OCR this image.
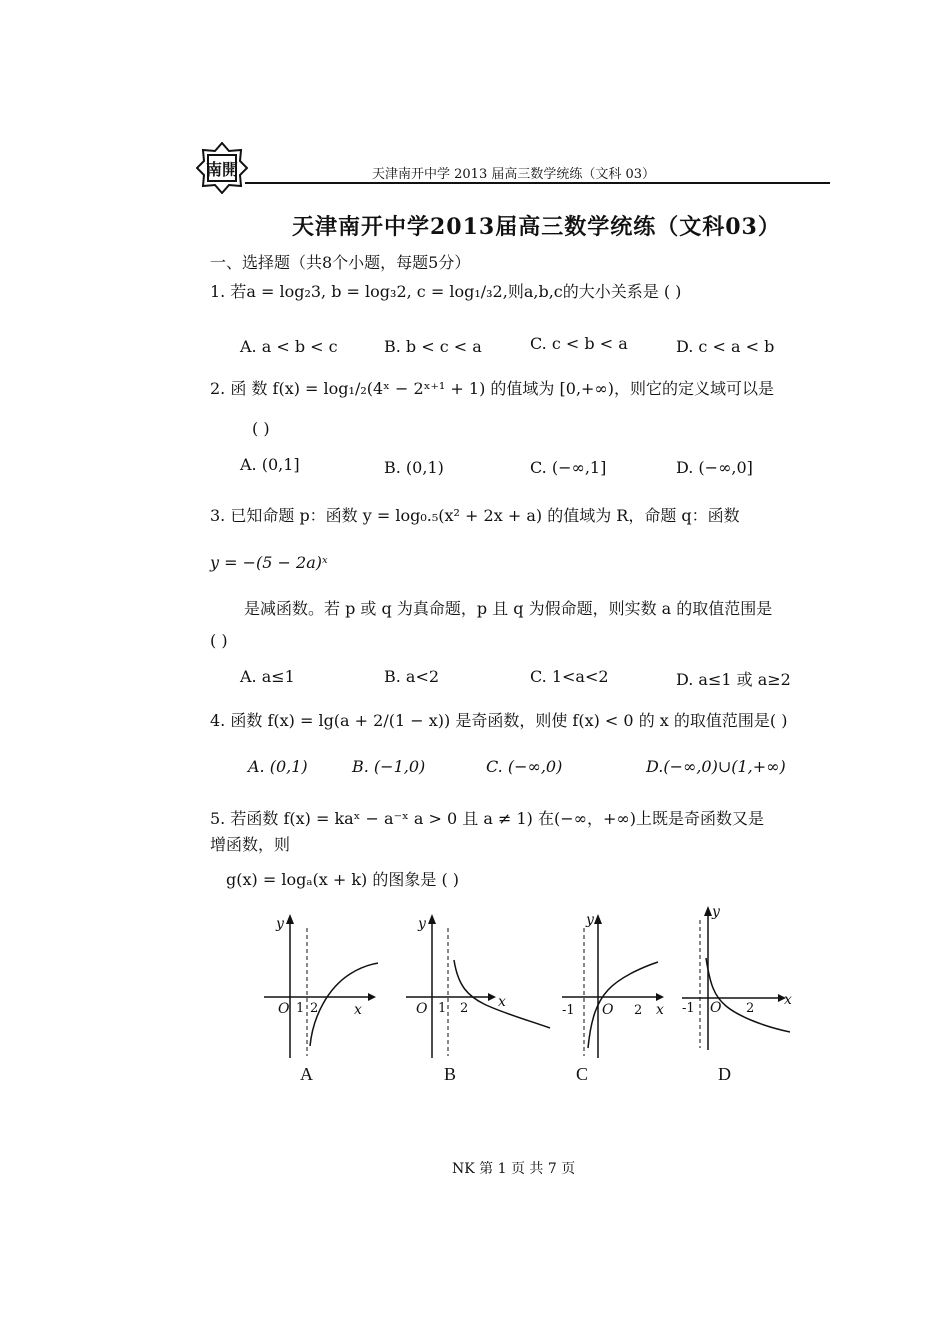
南開	天津南开中学 2013 届高三数学统练（文科 03）
天津南开中学2013届高三数学统练（文科03）
一、选择题（共8个小题，每题5分）
1. 若a = log₂3, b = log₃2, c = log₁/₃2,则a,b,c的大小关系是 ( )
A. a < b < c	B. b < c < a	C. c < b < a	D. c < a < b
2. 函 数 f(x) = log₁/₂(4ˣ − 2ˣ⁺¹ + 1) 的值域为 [0,+∞)，则它的定义域可以是
( )
A. (0,1]	B. (0,1)	C. (−∞,1]	D. (−∞,0]
3. 已知命题 p：函数 y = log₀.₅(x² + 2x + a) 的值域为 R，命题 q：函数
y = −(5 − 2a)ˣ
是减函数。若 p 或 q 为真命题，p 且 q 为假命题，则实数 a 的取值范围是
( )
A. a≤1	B. a<2	C. 1<a<2	D. a≤1 或 a≥2
4. 函数 f(x) = lg(a + 2/(1 − x)) 是奇函数，则使 f(x) < 0 的 x 的取值范围是( )
A. (0,1)	B. (−1,0)	C. (−∞,0)	D.(−∞,0)∪(1,+∞)
5. 若函数 f(x) = kaˣ − a⁻ˣ a > 0 且 a ≠ 1) 在(−∞，+∞)上既是奇函数又是
增函数，则
g(x) = logₐ(x + k) 的图象是 ( )
y
O 1 2	x
A
y
O 1 2 x
B
y
-1 O 2 x
C
y
-1 O 2
x
D
NK 第 1 页 共 7 页
